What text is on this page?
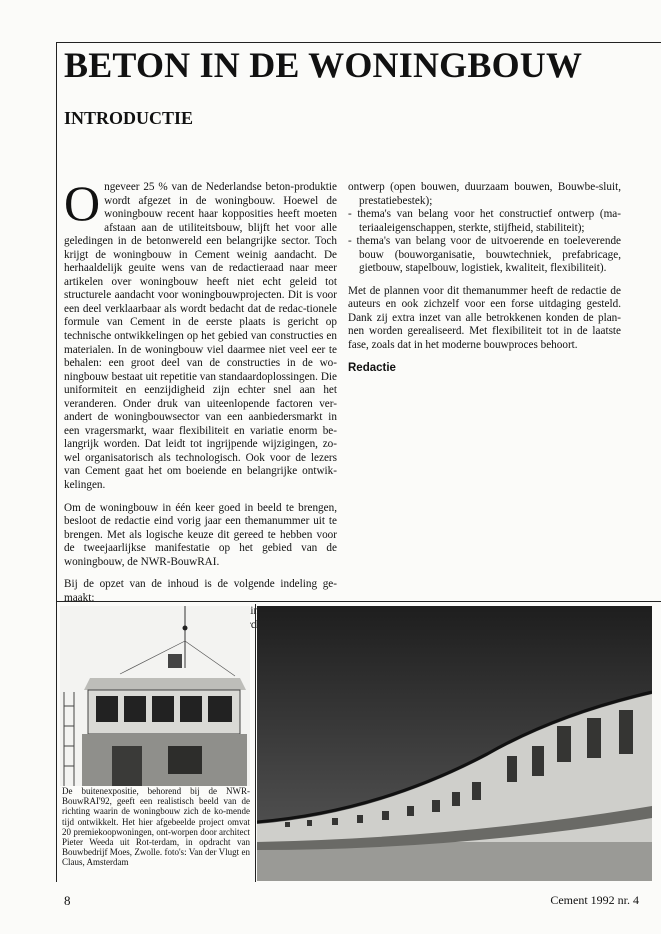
BETON IN DE WONINGBOUW
INTRODUCTIE

Ongeveer 25 % van de Nederlandse beton-produktie wordt afgezet in de woningbouw. Hoewel de woningbouw recent haar kopposities heeft moeten afstaan aan de utiliteitsbouw, blijft het voor alle geledingen in de betonwereld een belangrijke sector. Toch krijgt de woningbouw in Cement weinig aandacht. De herhaaldelijk geuite wens van de redactieraad naar meer artikelen over woningbouw heeft niet echt geleid tot structurele aandacht voor woningbouwprojecten. Dit is voor een deel verklaarbaar als wordt bedacht dat de redac-tionele formule van Cement in de eerste plaats is gericht op technische ontwikkelingen op het gebied van constructies en materialen. In de woningbouw viel daarmee niet veel eer te behalen: een groot deel van de constructies in de wo-ningbouw bestaat uit repetitie van standaardoplossingen. Die uniformiteit en eenzijdigheid zijn echter snel aan het veranderen. Onder druk van uiteenlopende factoren ver-andert de woningbouwsector van een aanbiedersmarkt in een vragersmarkt, waar flexibiliteit en variatie enorm be-langrijk worden. Dat leidt tot ingrijpende wijzigingen, zo-wel organisatorisch als technologisch. Ook voor de lezers van Cement gaat het om boeiende en belangrijke ontwik-kelingen.

Om de woningbouw in één keer goed in beeld te brengen, besloot de redactie eind vorig jaar een themanummer uit te brengen. Met als logische keuze dit gereed te hebben voor de tweejaarlijkse manifestatie op het gebied van de woningbouw, de NWR-BouwRAI.

Bij de opzet van de inhoud is de volgende indeling ge-maakt:

ontwerp (open bouwen, duurzaam bouwen, Bouwbe-sluit, prestatiebestek);
- thema's van belang voor het constructief ontwerp (ma-teriaaleigenschappen, sterkte, stijfheid, stabiliteit);
- thema's van belang voor de uitvoerende en toeleverende bouw (bouworganisatie, bouwtechniek, prefabricage, gietbouw, stapelbouw, logistiek, kwaliteit, flexibiliteit).

Met de plannen voor dit themanummer heeft de redactie de auteurs en ook zichzelf voor een forse uitdaging gesteld. Dank zij extra inzet van alle betrokkenen konden de plan-nen worden gerealiseerd. Met flexibiliteit tot in de laatste fase, zoals dat in het moderne bouwproces behoort.

Redactie

De buitenexpositie, behorend bij de NWR-BouwRAI'92, geeft een realistisch beeld van de richting waarin de woningbouw zich de ko-mende tijd ontwikkelt. Het hier afgebeelde project omvat 20 premiekoopwoningen, ont-worpen door architect Pieter Weeda uit Rot-terdam, in opdracht van Bouwbedrijf Moes, Zwolle. foto's: Van der Vlugt en Claus, Amsterdam

8	Cement 1992 nr. 4
